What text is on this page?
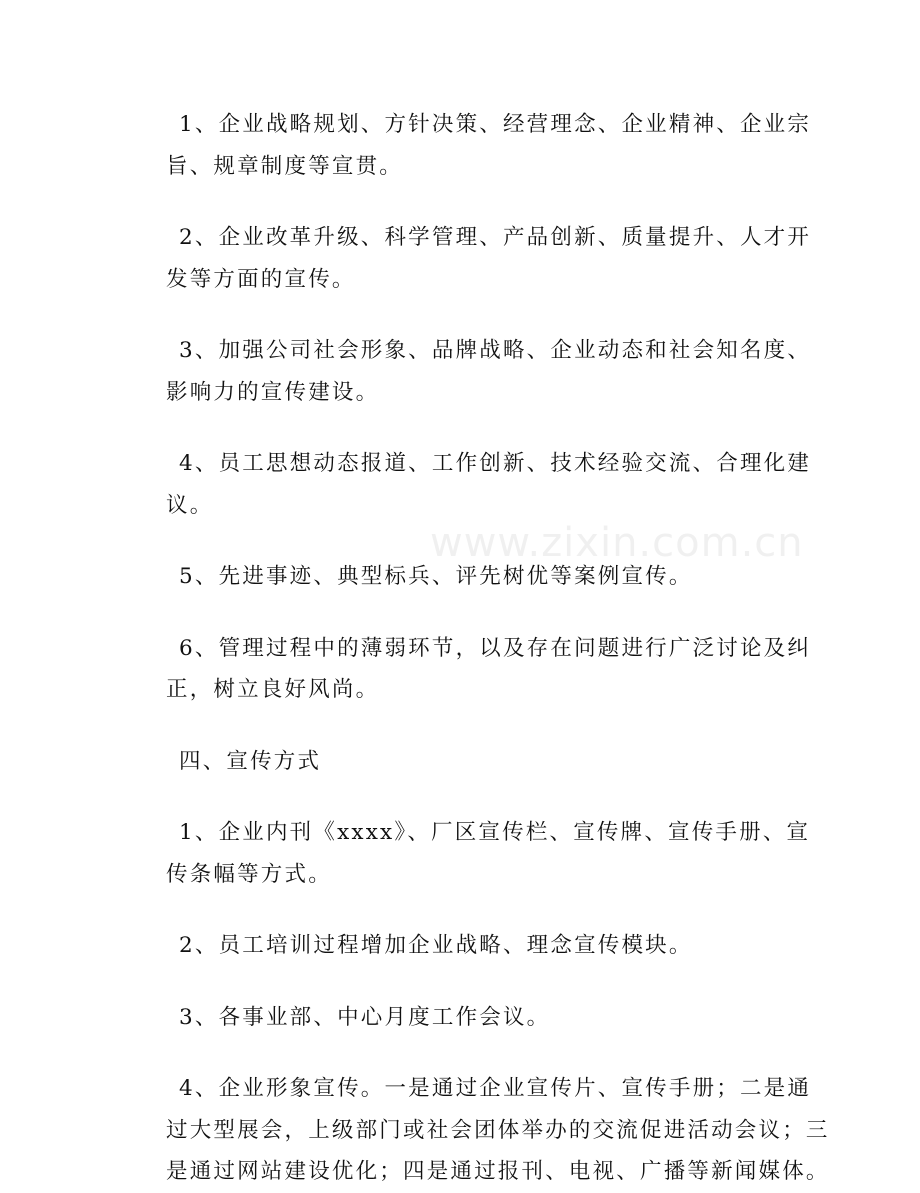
www.zixin.com.cn

1、企业战略规划、方针决策、经营理念、企业精神、企业宗
旨、规章制度等宣贯。

2、企业改革升级、科学管理、产品创新、质量提升、人才开
发等方面的宣传。

3、加强公司社会形象、品牌战略、企业动态和社会知名度、
影响力的宣传建设。

4、员工思想动态报道、工作创新、技术经验交流、合理化建
议。

5、先进事迹、典型标兵、评先树优等案例宣传。

6、管理过程中的薄弱环节，以及存在问题进行广泛讨论及纠
正，树立良好风尚。

四、宣传方式

1、企业内刊《xxxx》、厂区宣传栏、宣传牌、宣传手册、宣
传条幅等方式。

2、员工培训过程增加企业战略、理念宣传模块。

3、各事业部、中心月度工作会议。

4、企业形象宣传。一是通过企业宣传片、宣传手册；二是通
过大型展会，上级部门或社会团体举办的交流促进活动会议；三
是通过网站建设优化；四是通过报刊、电视、广播等新闻媒体。
